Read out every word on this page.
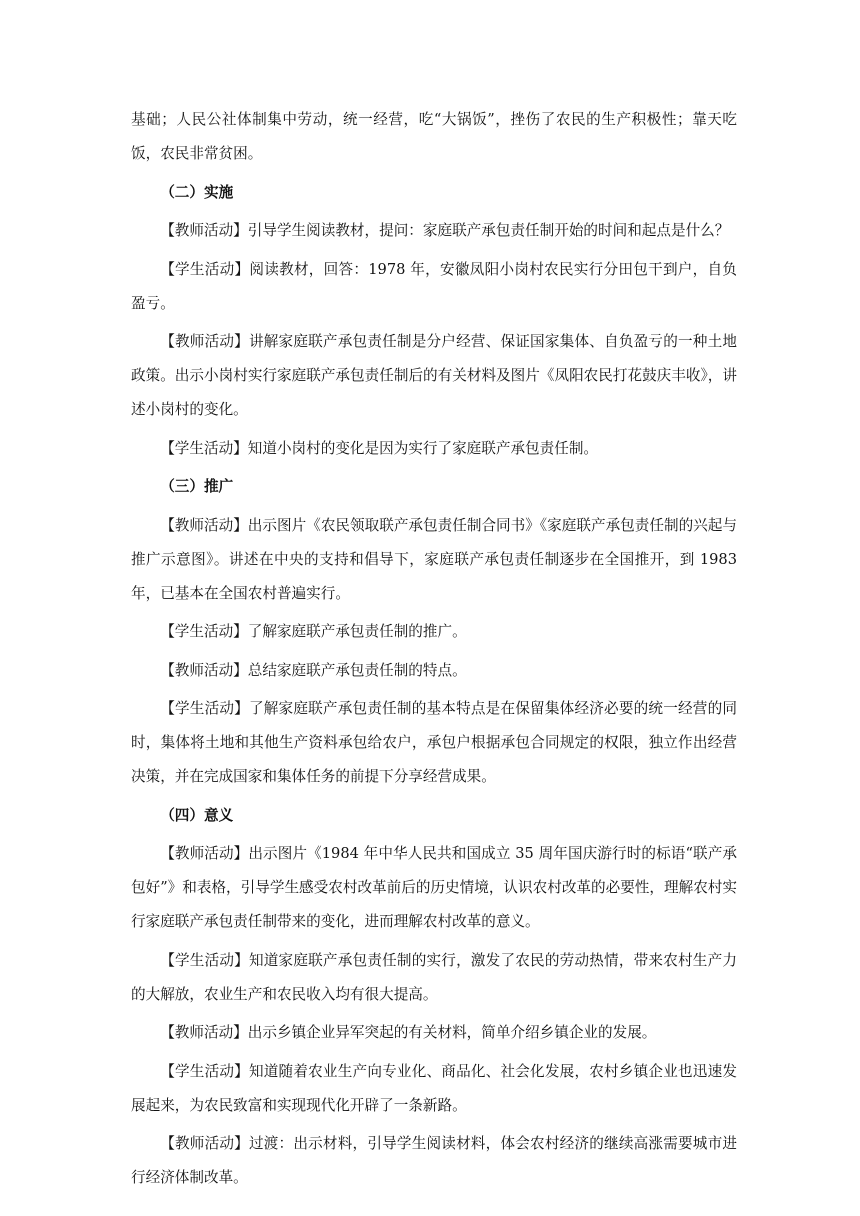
基础；人民公社体制集中劳动，统一经营，吃“大锅饭”，挫伤了农民的生产积极性；靠天吃饭，农民非常贫困。

（二）实施

【教师活动】引导学生阅读教材，提问：家庭联产承包责任制开始的时间和起点是什么？

【学生活动】阅读教材，回答：1978 年，安徽凤阳小岗村农民实行分田包干到户，自负盈亏。

【教师活动】讲解家庭联产承包责任制是分户经营、保证国家集体、自负盈亏的一种土地政策。出示小岗村实行家庭联产承包责任制后的有关材料及图片《凤阳农民打花鼓庆丰收》，讲述小岗村的变化。

【学生活动】知道小岗村的变化是因为实行了家庭联产承包责任制。

（三）推广

【教师活动】出示图片《农民领取联产承包责任制合同书》《家庭联产承包责任制的兴起与推广示意图》。讲述在中央的支持和倡导下，家庭联产承包责任制逐步在全国推开，到 1983 年，已基本在全国农村普遍实行。

【学生活动】了解家庭联产承包责任制的推广。

【教师活动】总结家庭联产承包责任制的特点。

【学生活动】了解家庭联产承包责任制的基本特点是在保留集体经济必要的统一经营的同时，集体将土地和其他生产资料承包给农户，承包户根据承包合同规定的权限，独立作出经营决策，并在完成国家和集体任务的前提下分享经营成果。

（四）意义

【教师活动】出示图片《1984 年中华人民共和国成立 35 周年国庆游行时的标语“联产承包好”》和表格，引导学生感受农村改革前后的历史情境，认识农村改革的必要性，理解农村实行家庭联产承包责任制带来的变化，进而理解农村改革的意义。

【学生活动】知道家庭联产承包责任制的实行，激发了农民的劳动热情，带来农村生产力的大解放，农业生产和农民收入均有很大提高。

【教师活动】出示乡镇企业异军突起的有关材料，简单介绍乡镇企业的发展。

【学生活动】知道随着农业生产向专业化、商品化、社会化发展，农村乡镇企业也迅速发展起来，为农民致富和实现现代化开辟了一条新路。

【教师活动】过渡：出示材料，引导学生阅读材料，体会农村经济的继续高涨需要城市进行经济体制改革。
